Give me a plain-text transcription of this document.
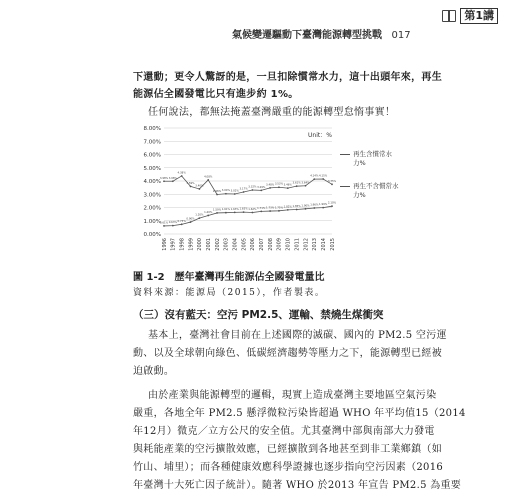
第1講
氣候變遷驅動下臺灣能源轉型挑戰 017
下還動；更令人驚訝的是，一旦扣除慣常水力，這十出頭年來，再生
能源佔全國發電比只有進步約 1%。
任何說法，都無法掩蓋臺灣嚴重的能源轉型怠惰事實！
0.00%
1.00%
2.00%
3.00%
4.00%
5.00%
6.00%
7.00%
8.00%
1996 1997 1998 1999 2000 2001 2002 2003 2004 2005 2006 2007 2008 2009 2010 2011 2012 2013 2014 2015
3.98% 3.98%
4.38%
3.59%
3.40%
4.08%
2.98% 3.04% 3.02%
3.17%
3.32% 3.29%
3.48% 3.53% 3.46%
3.61% 3.64%
4.14% 4.15%
3.75%
0.61% 0.63% 0.73%
0.90%
1.20%
1.40%
1.59% 1.61% 1.63% 1.65% 1.62% 1.71% 1.73% 1.75% 1.82% 1.85% 1.90% 1.96% 1.99% 2.10%
Unit：%
再生含慣常水力%
再生不含慣常水力%
圖 1-2　歷年臺灣再生能源佔全國發電量比
資料來源：能源局（2015），作者製表。
（三）沒有藍天：空污 PM2.5、運輸、禁燒生煤衝突
基本上，臺灣社會目前在上述國際的滅碳、國內的 PM2.5 空污運
動、以及全球朝向綠色、低碳經濟趨勢等壓力之下，能源轉型已經被
迫啟動。
由於產業與能源轉型的邏輯，現實上造成臺灣主要地區空氣污染
嚴重，各地全年 PM2.5 懸浮微粒污染皆超過 WHO 年平均值15（2014
年12月）微克／立方公尺的安全值。尤其臺灣中部與南部大力發電
與耗能產業的空污擴散效應，已經擴散到各地甚至到非工業鄉鎮（如
竹山、埔里）；而各種健康效應科學證據也逐步指向空污因素（2016
年臺灣十大死亡因子統計）。隨著 WHO 於2013 年宣告 PM2.5 為重要
